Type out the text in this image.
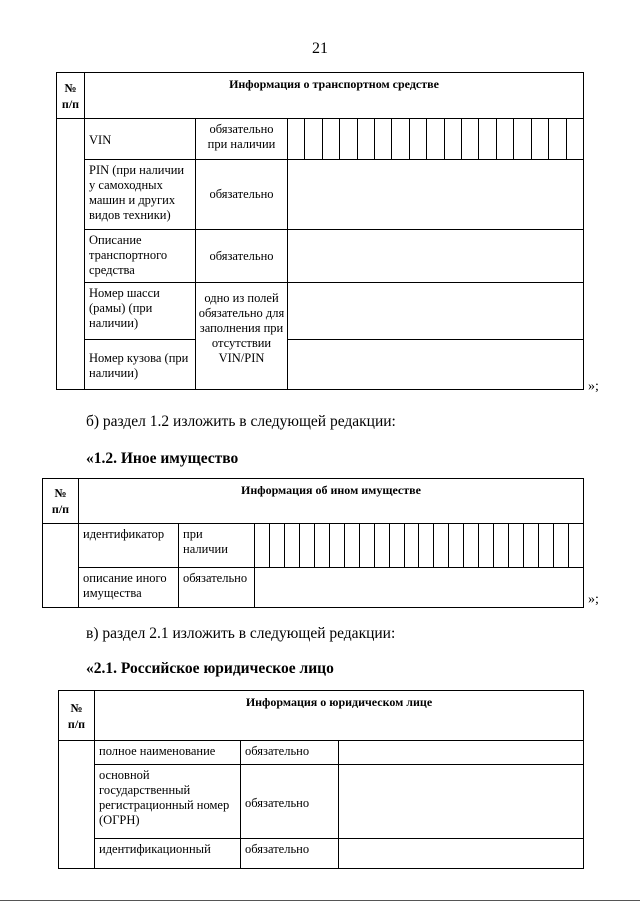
21
№
п/п	Информация о транспортном средстве		
	VIN	обязательно
при наличии	

	PIN (при наличии у самоходных машин и других видов техники)	обязательно	
	Описание транспортного средства	обязательно	
	Номер шасси (рамы) (при наличии)	одно из полей обязательно для заполнения при отсутствии VIN/PIN	
	Номер кузова (при наличии)		
»;
б) раздел 1.2 изложить в следующей редакции:
«1.2. Иное имущество
№
п/п	Информация об ином имуществе		
	идентификатор	при
наличии	

	описание иного имущества	обязательно	
»;
в) раздел 2.1 изложить в следующей редакции:
«2.1. Российское юридическое лицо
№
п/п	Информация о юридическом лице		
	полное наименование	обязательно	
	основной государственный регистрационный номер (ОГРН)	обязательно	
	идентификационный	обязательно	
